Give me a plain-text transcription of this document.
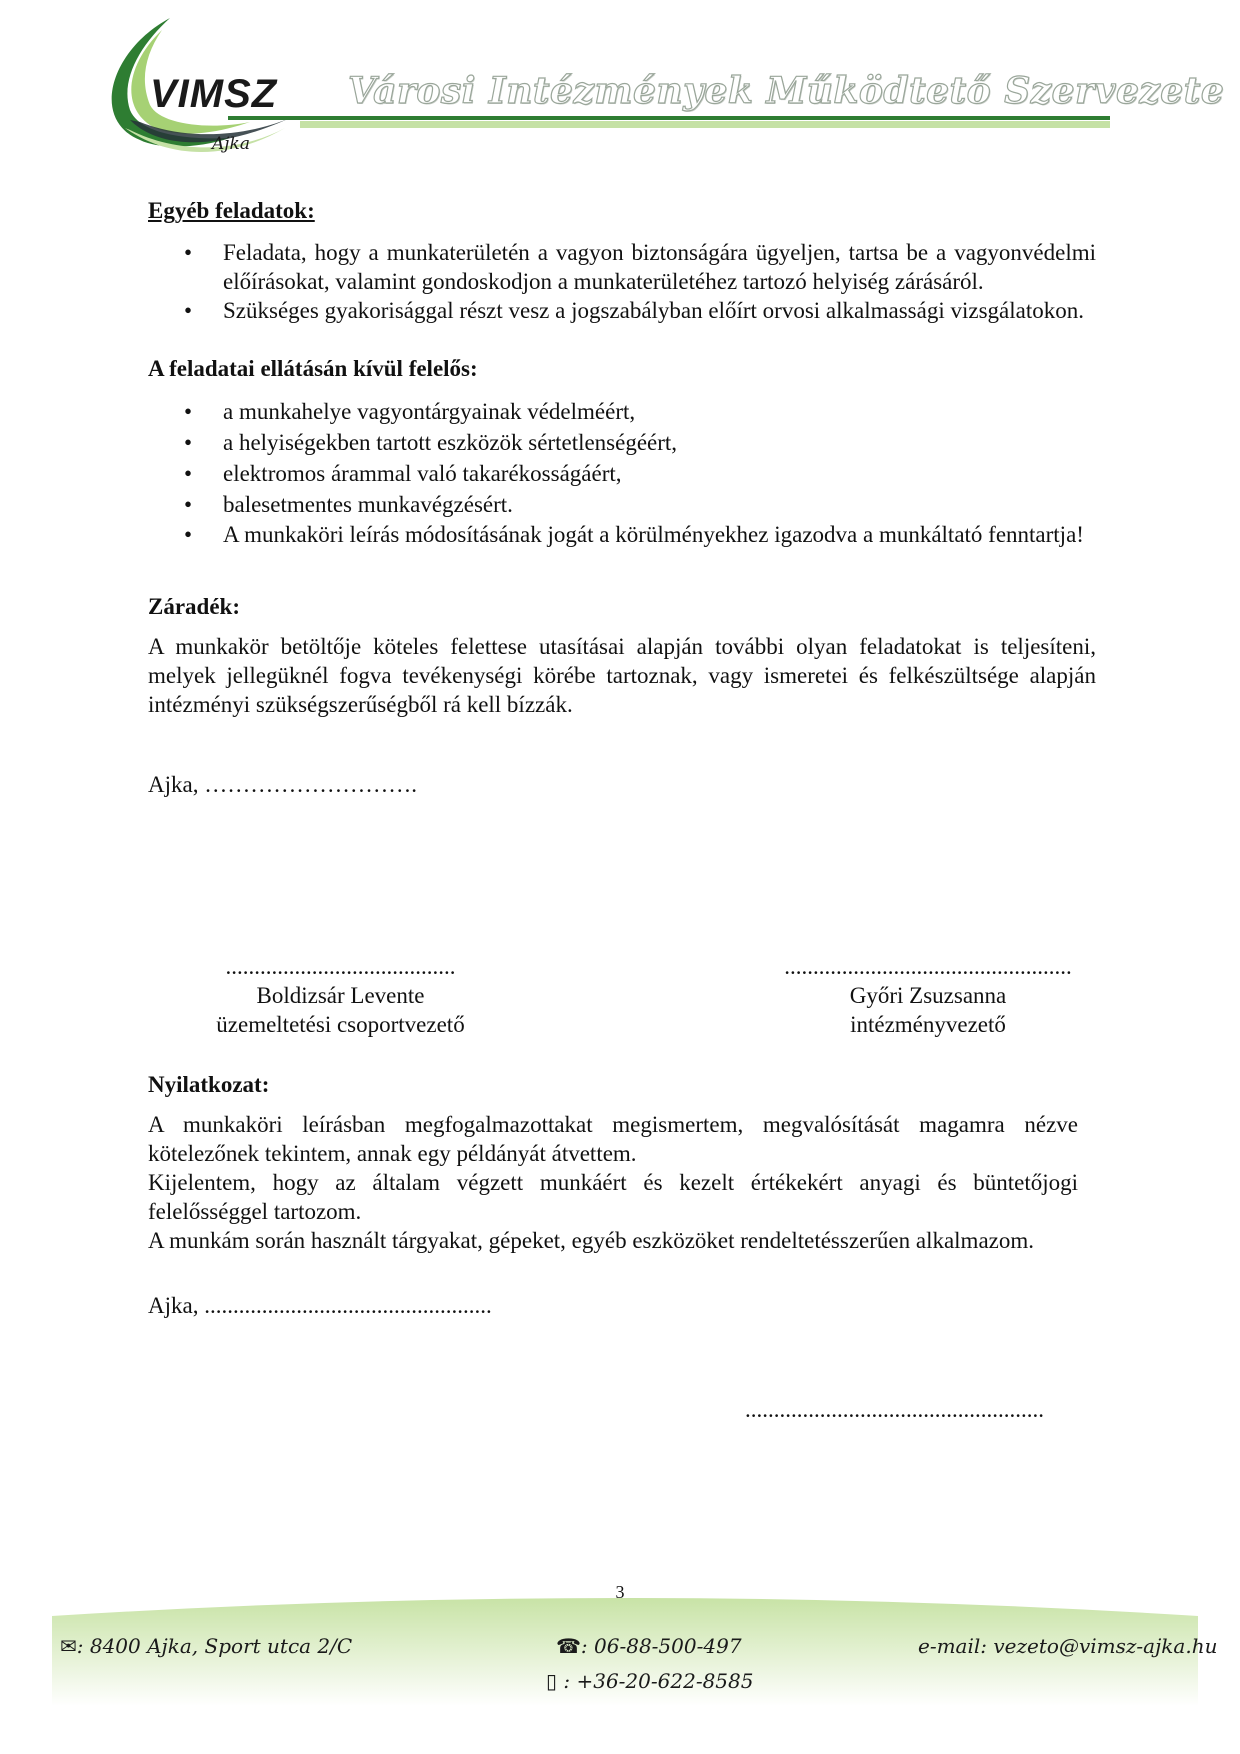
VIMSZ
Ajka
Városi Intézmények Működtető Szervezete

Egyéb feladatok:

• Feladata, hogy a munkaterületén a vagyon biztonságára ügyeljen, tartsa be a vagyonvédelmi előírásokat, valamint gondoskodjon a munkaterületéhez tartozó helyiség zárásáról.
• Szükséges gyakorisággal részt vesz a jogszabályban előírt orvosi alkalmassági vizsgálatokon.

A feladatai ellátásán kívül felelős:

• a munkahelye vagyontárgyainak védelméért,
• a helyiségekben tartott eszközök sértetlenségéért,
• elektromos árammal való takarékosságáért,
• balesetmentes munkavégzésért.
• A munkaköri leírás módosításának jogát a körülményekhez igazodva a munkáltató fenntartja!

Záradék:

A munkakör betöltője köteles felettese utasításai alapján további olyan feladatokat is teljesíteni, melyek jellegüknél fogva tevékenységi körébe tartoznak, vagy ismeretei és felkészültsége alapján intézményi szükségszerűségből rá kell bízzák.

Ajka, ……………………….

........................................
Boldizsár Levente
üzemeltetési csoportvezető
..................................................
Győri Zsuzsanna
intézményvezető

Nyilatkozat:

A munkaköri leírásban megfogalmazottakat megismertem, megvalósítását magamra nézve kötelezőnek tekintem, annak egy példányát átvettem.

Kijelentem, hogy az általam végzett munkáért és kezelt értékekért anyagi és büntetőjogi felelősséggel tartozom.

A munkám során használt tárgyakat, gépeket, egyéb eszközöket rendeltetésszerűen alkalmazom.

Ajka, ..................................................

....................................................
3
✉: 8400 Ajka, Sport utca 2/C	☎: 06-88-500-497
▯ : +36-20-622-8585
e-mail: vezeto@vimsz-ajka.hu
